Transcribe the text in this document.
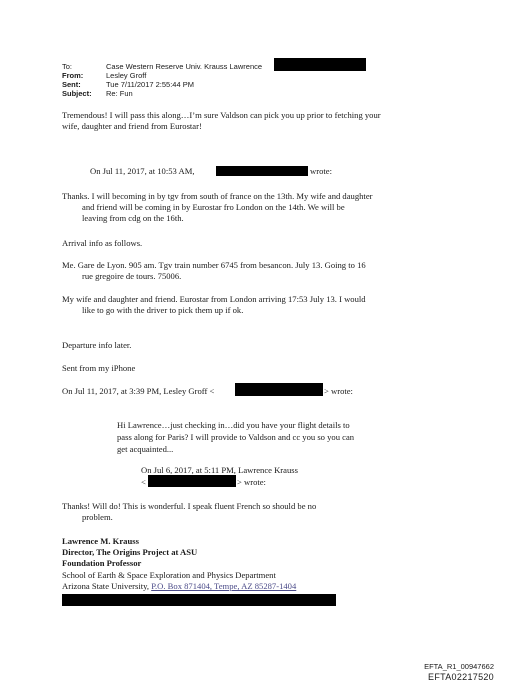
To:	Case Western Reserve Univ. Krauss Lawrence
From:	Lesley Groff
Sent:	Tue 7/11/2017 2:55:44 PM
Subject: Re: Fun
Tremendous! I will pass this along…I’m sure Valdson can pick you up prior to fetching your
wife, daughter and friend from Eurostar!
On Jul 11, 2017, at 10:53 AM,	wrote:
Thanks. I will becoming in by tgv from south of france on the 13th. My wife and daughter
and friend will be coming in by Eurostar fro London on the 14th. We will be
leaving from cdg on the 16th.
Arrival info as follows.
Me. Gare de Lyon. 905 am. Tgv train number 6745 from besancon. July 13. Going to 16
rue gregoire de tours. 75006.
My wife and daughter and friend. Eurostar from London arriving 17:53 July 13. I would
like to go with the driver to pick them up if ok.
Departure info later.
Sent from my iPhone
On Jul 11, 2017, at 3:39 PM, Lesley Groff <	> wrote:
Hi Lawrence…just checking in…did you have your flight details to
pass along for Paris? I will provide to Valdson and cc you so you can
get acquainted...
On Jul 6, 2017, at 5:11 PM, Lawrence Krauss
<	> wrote:
Thanks! Will do! This is wonderful. I speak fluent French so should be no
problem.
Lawrence M. Krauss
Director, The Origins Project at ASU
Foundation Professor
School of Earth & Space Exploration and Physics Department
Arizona State University, P.O. Box 871404, Tempe, AZ 85287-1404
EFTA_R1_00947662
EFTA02217520
